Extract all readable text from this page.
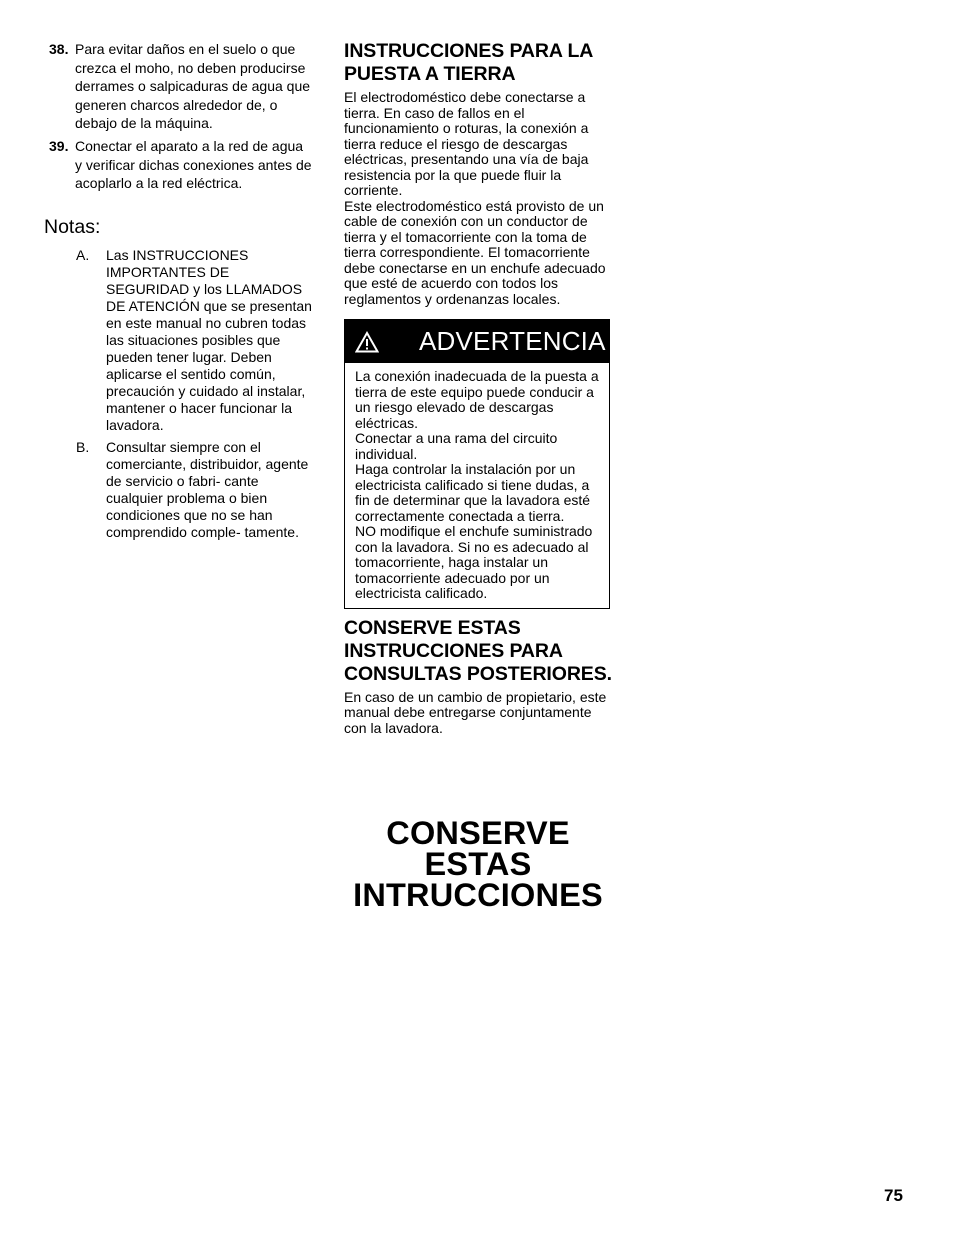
38. Para evitar daños en el suelo o que crezca el moho, no deben producirse derrames o salpicaduras de agua que generen charcos alrededor de, o debajo de la máquina.
39. Conectar el aparato a la red de agua y verificar dichas conexiones antes de acoplarlo a la red eléctrica.
Notas:
A. Las INSTRUCCIONES IMPORTANTES DE SEGURIDAD y los LLAMADOS DE ATENCIÓN que se presentan en este manual no cubren todas las situaciones posibles que pueden tener lugar. Deben aplicarse el sentido común, precaución y cuidado al instalar, mantener o hacer funcionar la lavadora.
B. Consultar siempre con el comerciante, distribuidor, agente de servicio o fabri- cante cualquier problema o bien condiciones que no se han comprendido comple- tamente.
INSTRUCCIONES PARA LA PUESTA A TIERRA
El electrodoméstico debe conectarse a tierra. En caso de fallos en el funcionamiento o roturas, la conexión a tierra reduce el riesgo de descargas eléctricas, presentando una vía de baja resistencia por la que puede fluir la corriente.
Este electrodoméstico está provisto de un cable de conexión con un conductor de tierra y el tomacorriente con la toma de tierra correspondiente. El tomacorriente debe conectarse en un enchufe adecuado que esté de acuerdo con todos los reglamentos y ordenanzas locales.
ADVERTENCIA
La conexión inadecuada de la puesta a tierra de este equipo puede conducir a un riesgo elevado de descargas eléctricas.
Conectar a una rama del circuito individual.
Haga controlar la instalación por un electricista calificado si tiene dudas, a fin de determinar que la lavadora esté correctamente conectada a tierra.
NO modifique el enchufe suministrado con la lavadora. Si no es adecuado al tomacorriente, haga instalar un tomacorriente adecuado por un electricista calificado.
CONSERVE ESTAS INSTRUCCIONES PARA CONSULTAS POSTERIORES.
En caso de un cambio de propietario, este manual debe entregarse conjuntamente con la lavadora.
CONSERVE
ESTAS
INTRUCCIONES
75
